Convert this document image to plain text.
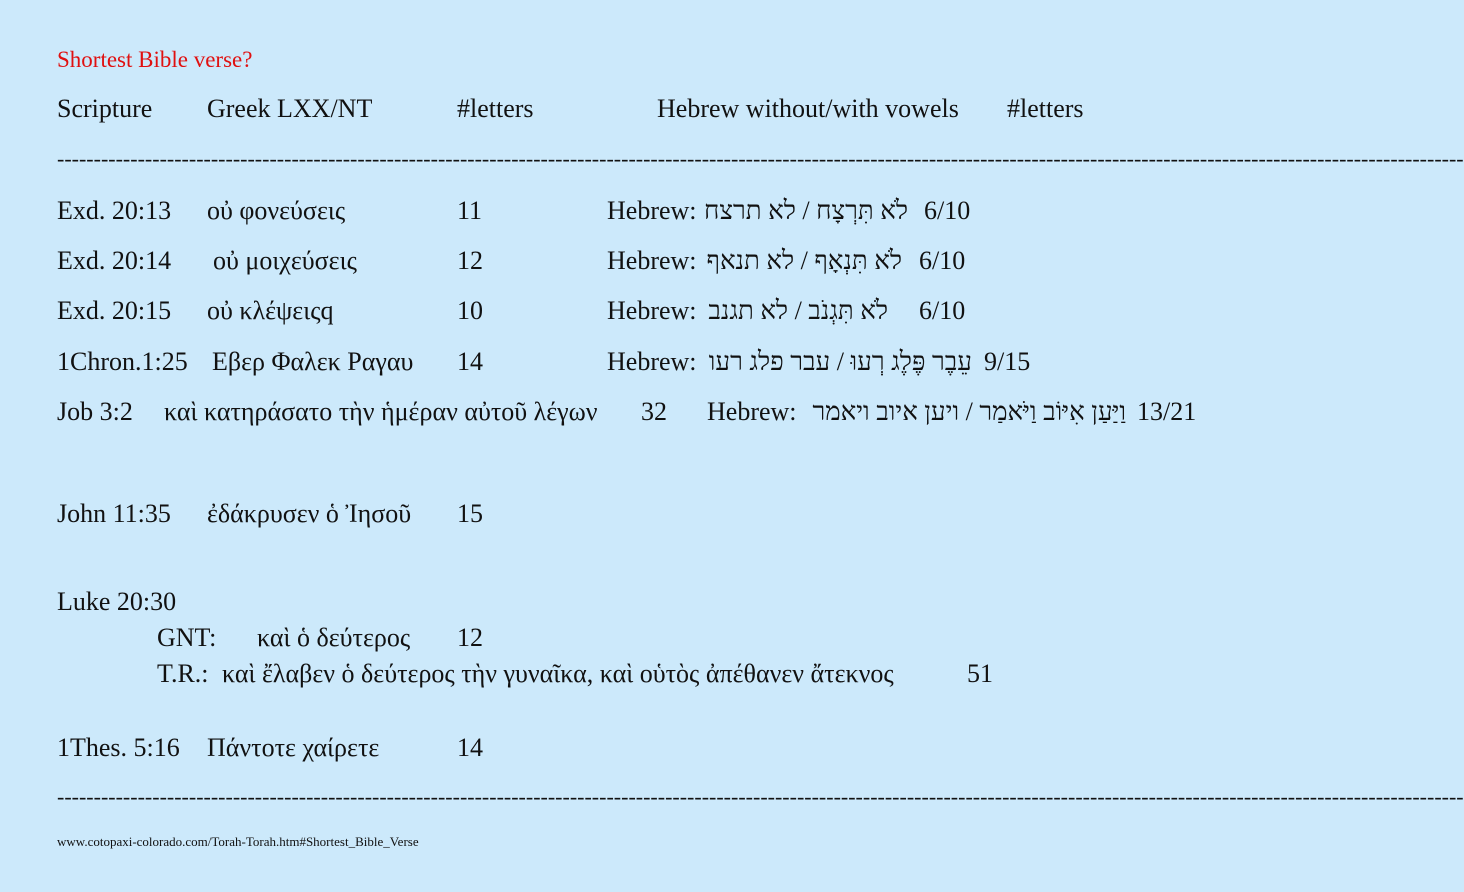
Shortest Bible verse?
Scripture Greek LXX/NT	#letters	Hebrew without/with vowels #letters
------------------------------------------------------------------------------------------------------------------------------------------------------------------------------------------------
Exd. 20:13 οὐ φονεύσεις	11	Hebrew: לֹא תִּרְצָח / לא תרצח 6/10
Exd. 20:14 οὐ μοιχεύσεις	12	Hebrew: לֹא תִּנְאָף / לא תנאף 6/10
Exd. 20:15 οὐ κλέψειςq	10	Hebrew: לֹא תִּגְנֹב / לא תגנב 6/10
1Chron.1:25 Εβερ Φαλεκ Ραγαυ 14	Hebrew: עֵבֶר פֶּלֶג רְעוּ / עבר פלג רעו 9/15
Job 3:2 καὶ κατηράσατο τὴν ἡμέραν αὐτοῦ λέγων 32 Hebrew: וַיַּעַן אִיּוֹב וַיֹּאמַר / ויען איוב ויאמר 13/21
John 11:35 ἐδάκρυσεν ὁ Ἰησοῦ 15
Luke 20:30
GNT: καὶ ὁ δεύτερος 12
T.R.: καὶ ἔλαβεν ὁ δεύτερος τὴν γυναῖκα, καὶ οὑτὸς ἀπέθανεν ἄτεκνος	51
1Thes. 5:16 Πάντοτε χαίρετε	14
------------------------------------------------------------------------------------------------------------------------------------------------------------------------------------------------
www.cotopaxi-colorado.com/Torah-Torah.htm#Shortest_Bible_Verse
